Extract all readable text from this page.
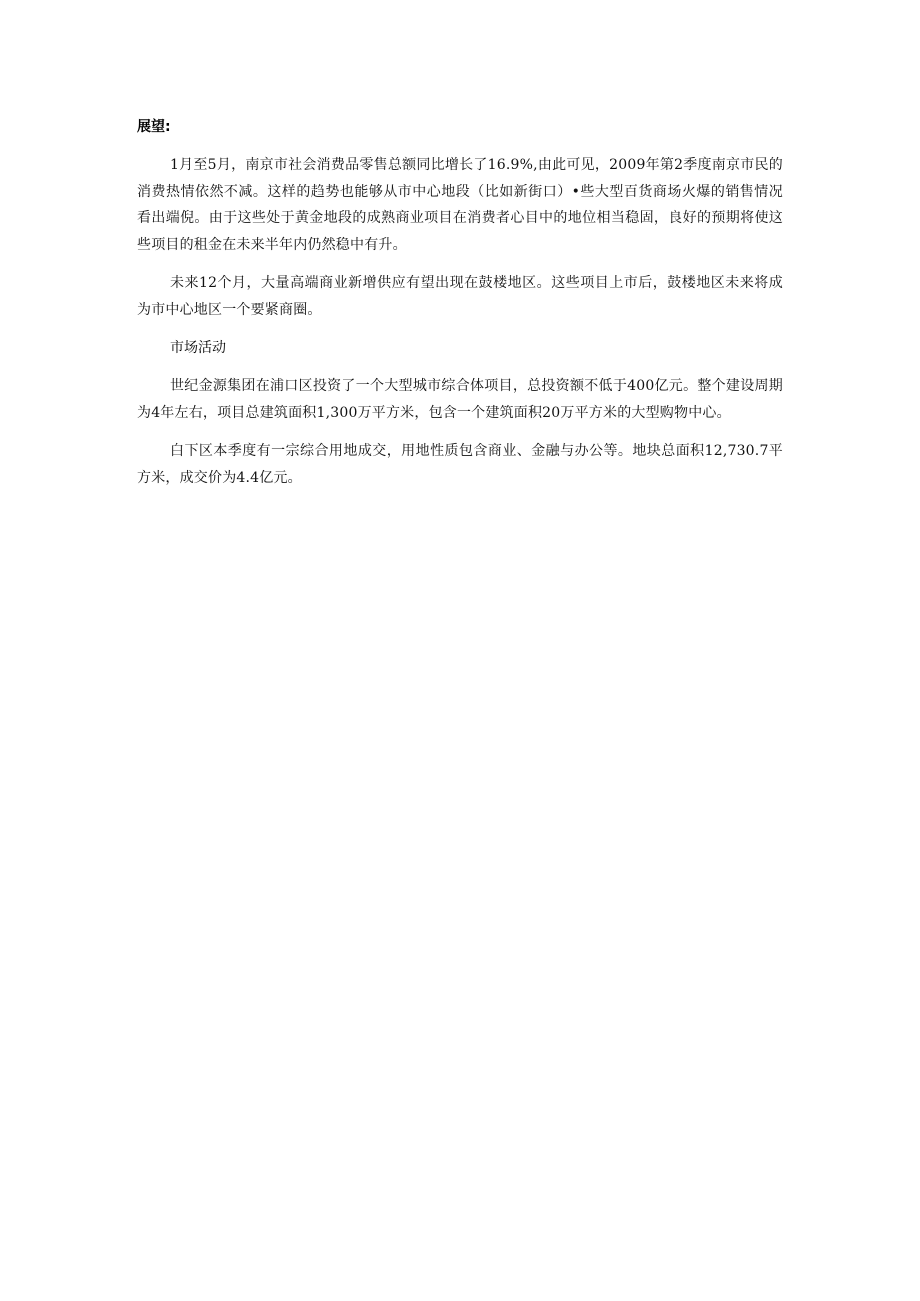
展望:

1月至5月，南京市社会消费品零售总额同比增长了16.9%,由此可见，2009年第2季度南京市民的消费热情依然不减。这样的趋势也能够从市中心地段（比如新街口）•些大型百货商场火爆的销售情况看出端倪。由于这些处于黄金地段的成熟商业项目在消费者心目中的地位相当稳固，良好的预期将使这些项目的租金在未来半年内仍然稳中有升。

未来12个月，大量高端商业新增供应有望出现在鼓楼地区。这些项目上市后，鼓楼地区未来将成为市中心地区一个要紧商圈。

市场活动

世纪金源集团在浦口区投资了一个大型城市综合体项目，总投资额不低于400亿元。整个建设周期为4年左右，项目总建筑面积1,300万平方米，包含一个建筑面积20万平方米的大型购物中心。

白下区本季度有一宗综合用地成交，用地性质包含商业、金融与办公等。地块总面积12,730.7平方米，成交价为4.4亿元。
